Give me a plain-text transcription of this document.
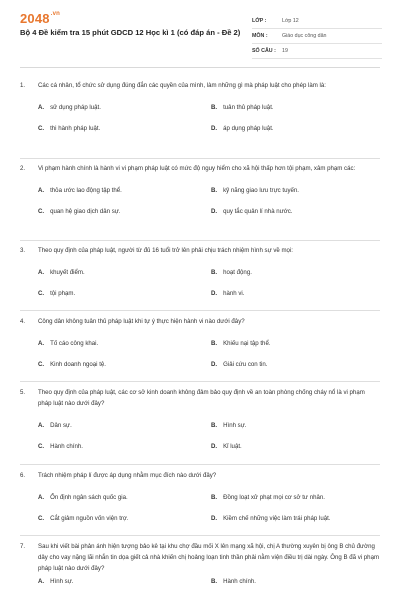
$2048^{.vn}$
Bộ 4 Đề kiểm tra 15 phút GDCD 12 Học kì 1 (có đáp án - Đề 2)
LỚP :	Lớp 12
MÔN :	Giáo dục công dân
SỐ CÂU :	19
1.	Các cá nhân, tổ chức sử dụng đúng đắn các quyền của mình, làm những gì mà pháp luật cho phép làm là:
A. sử dụng pháp luật.	B. tuân thủ pháp luật.
C. thi hành pháp luật.	D. áp dụng pháp luật.
2.	Vi phạm hành chính là hành vi vi phạm pháp luật có mức độ nguy hiểm cho xã hội thấp hơn tội phạm, xâm phạm các:
A. thỏa ước lao động tập thể.	B. kỹ năng giao lưu trực tuyến.
C. quan hệ giao dịch dân sự.	D. quy tắc quản lí nhà nước.
3.	Theo quy định của pháp luật, người từ đủ 16 tuổi trở lên phải chịu trách nhiệm hình sự về mọi:
A. khuyết điểm.	B. hoạt động.
C. tội phạm.	D. hành vi.
4.	Công dân không tuân thủ pháp luật khi tự ý thực hiện hành vi nào dưới đây?
A. Tố cáo công khai.	B. Khiếu nại tập thể.
C. Kinh doanh ngoại tệ.	D. Giải cứu con tin.
5.	Theo quy định của pháp luật, các cơ sở kinh doanh không đảm bảo quy định về an toàn phòng chống cháy nổ là vi phạm pháp luật nào dưới đây?
A. Dân sự.	B. Hình sự.
C. Hành chính.	D. Kỉ luật.
6.	Trách nhiệm pháp lí được áp dụng nhằm mục đích nào dưới đây?
A. Ổn định ngân sách quốc gia.	B. Đồng loạt xử phạt mọi cơ sở tư nhân.
C. Cắt giảm nguồn vốn viện trợ.	D. Kiềm chế những việc làm trái pháp luật.
7.	Sau khi viết bài phản ánh hiện tượng bảo kê tại khu chợ đầu mối X lên mạng xã hội, chị A thường xuyên bị ông B chủ đường dây cho vay nặng lãi nhắn tin dọa giết cả nhà khiến chị hoảng loạn tinh thần phải nằm viện điều trị dài ngày. Ông B đã vi phạm pháp luật nào dưới đây?
A. Hình sự.	B. Hành chính.
